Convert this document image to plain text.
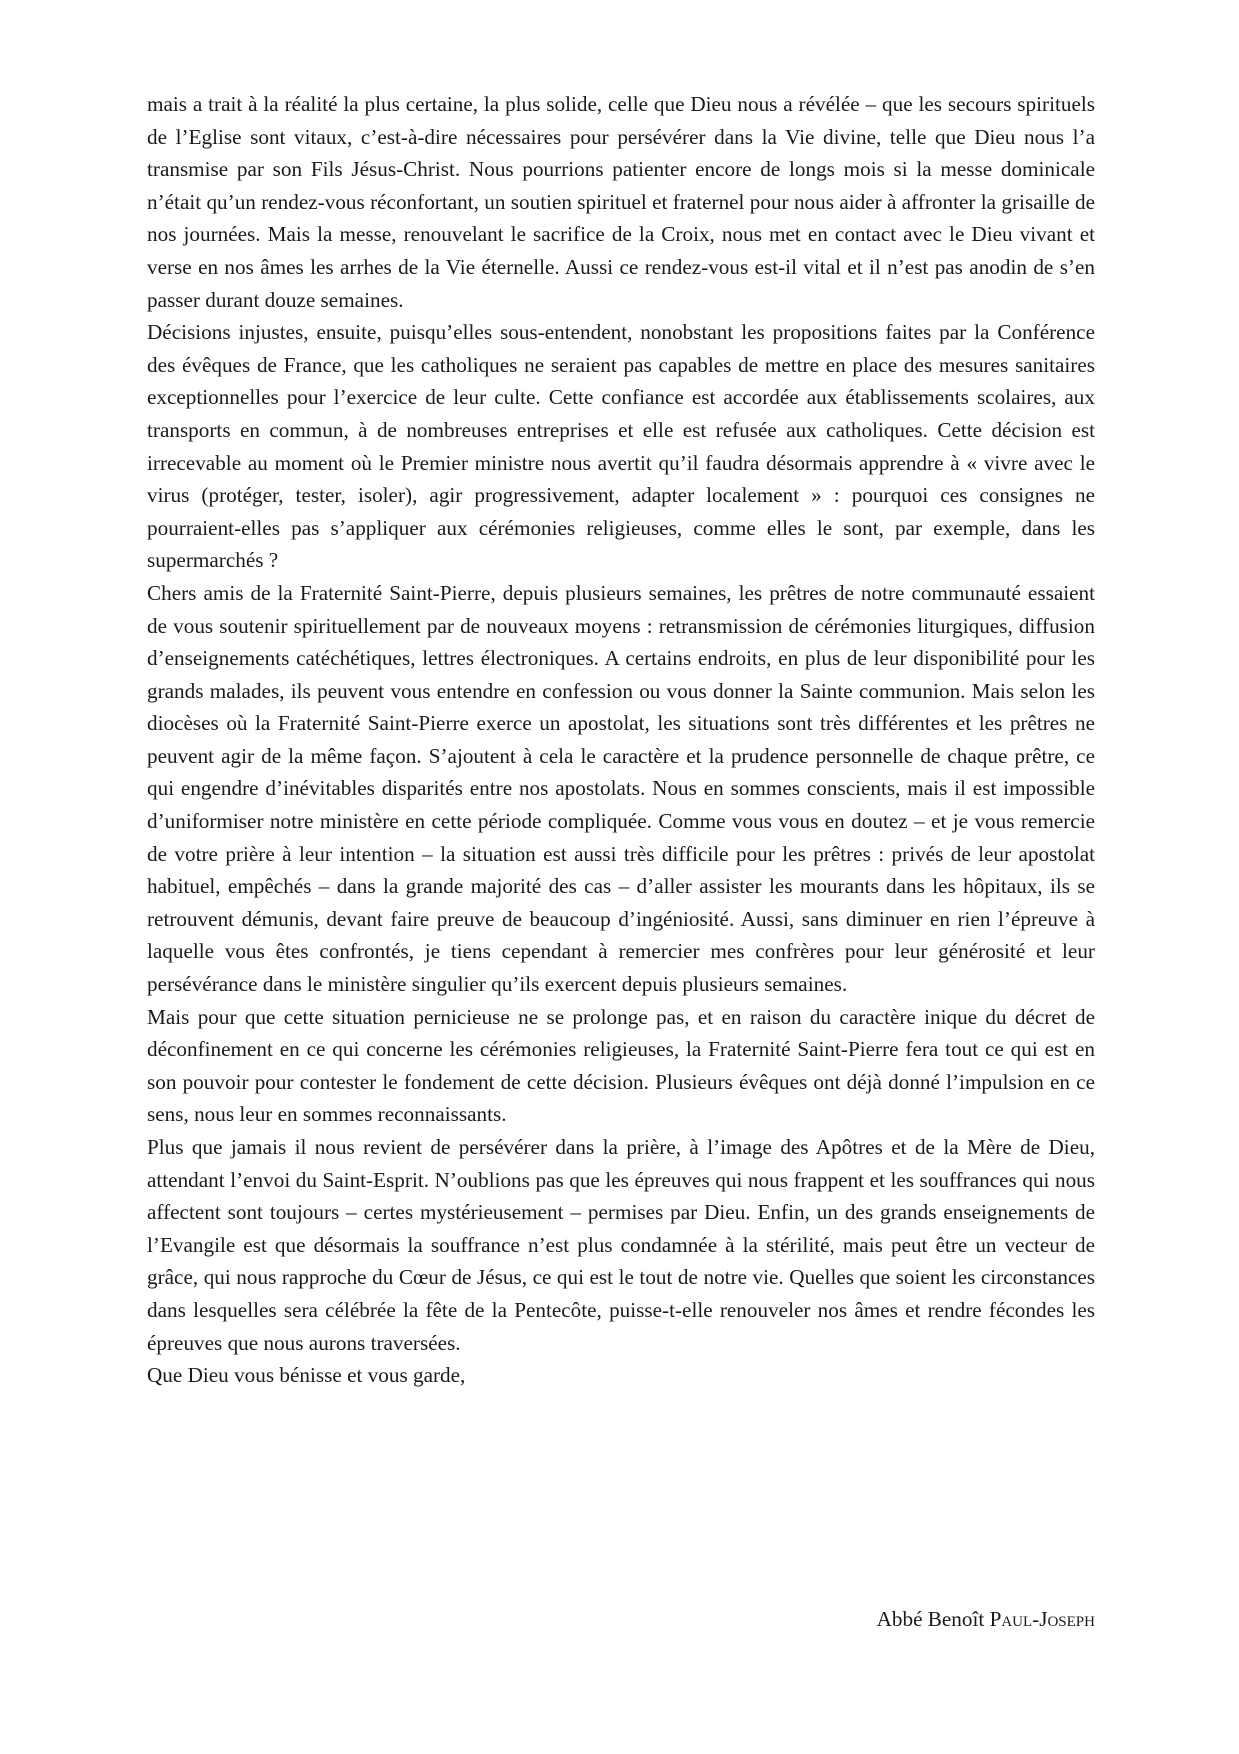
mais a trait à la réalité la plus certaine, la plus solide, celle que Dieu nous a révélée – que les secours spirituels de l’Eglise sont vitaux, c’est-à-dire nécessaires pour persévérer dans la Vie divine, telle que Dieu nous l’a transmise par son Fils Jésus-Christ. Nous pourrions patienter encore de longs mois si la messe dominicale n’était qu’un rendez-vous réconfortant, un soutien spirituel et fraternel pour nous aider à affronter la grisaille de nos journées. Mais la messe, renouvelant le sacrifice de la Croix, nous met en contact avec le Dieu vivant et verse en nos âmes les arrhes de la Vie éternelle. Aussi ce rendez-vous est-il vital et il n’est pas anodin de s’en passer durant douze semaines.

Décisions injustes, ensuite, puisqu’elles sous-entendent, nonobstant les propositions faites par la Conférence des évêques de France, que les catholiques ne seraient pas capables de mettre en place des mesures sanitaires exceptionnelles pour l’exercice de leur culte. Cette confiance est accordée aux établissements scolaires, aux transports en commun, à de nombreuses entreprises et elle est refusée aux catholiques. Cette décision est irrecevable au moment où le Premier ministre nous avertit qu’il faudra désormais apprendre à « vivre avec le virus (protéger, tester, isoler), agir progressivement, adapter localement » : pourquoi ces consignes ne pourraient-elles pas s’appliquer aux cérémonies religieuses, comme elles le sont, par exemple, dans les supermarchés ?

Chers amis de la Fraternité Saint-Pierre, depuis plusieurs semaines, les prêtres de notre communauté essaient de vous soutenir spirituellement par de nouveaux moyens : retransmission de cérémonies liturgiques, diffusion d’enseignements catéchétiques, lettres électroniques. A certains endroits, en plus de leur disponibilité pour les grands malades, ils peuvent vous entendre en confession ou vous donner la Sainte communion. Mais selon les diocèses où la Fraternité Saint-Pierre exerce un apostolat, les situations sont très différentes et les prêtres ne peuvent agir de la même façon. S’ajoutent à cela le caractère et la prudence personnelle de chaque prêtre, ce qui engendre d’inévitables disparités entre nos apostolats. Nous en sommes conscients, mais il est impossible d’uniformiser notre ministère en cette période compliquée. Comme vous vous en doutez – et je vous remercie de votre prière à leur intention – la situation est aussi très difficile pour les prêtres : privés de leur apostolat habituel, empêchés – dans la grande majorité des cas – d’aller assister les mourants dans les hôpitaux, ils se retrouvent démunis, devant faire preuve de beaucoup d’ingéniosité. Aussi, sans diminuer en rien l’épreuve à laquelle vous êtes confrontés, je tiens cependant à remercier mes confrères pour leur générosité et leur persévérance dans le ministère singulier qu’ils exercent depuis plusieurs semaines.

Mais pour que cette situation pernicieuse ne se prolonge pas, et en raison du caractère inique du décret de déconfinement en ce qui concerne les cérémonies religieuses, la Fraternité Saint-Pierre fera tout ce qui est en son pouvoir pour contester le fondement de cette décision. Plusieurs évêques ont déjà donné l’impulsion en ce sens, nous leur en sommes reconnaissants.

Plus que jamais il nous revient de persévérer dans la prière, à l’image des Apôtres et de la Mère de Dieu, attendant l’envoi du Saint-Esprit. N’oublions pas que les épreuves qui nous frappent et les souffrances qui nous affectent sont toujours – certes mystérieusement – permises par Dieu. Enfin, un des grands enseignements de l’Evangile est que désormais la souffrance n’est plus condamnée à la stérilité, mais peut être un vecteur de grâce, qui nous rapproche du Cœur de Jésus, ce qui est le tout de notre vie. Quelles que soient les circonstances dans lesquelles sera célébrée la fête de la Pentecôte, puisse-t-elle renouveler nos âmes et rendre fécondes les épreuves que nous aurons traversées.

Que Dieu vous bénisse et vous garde,

Abbé Benoît Paul-Joseph
